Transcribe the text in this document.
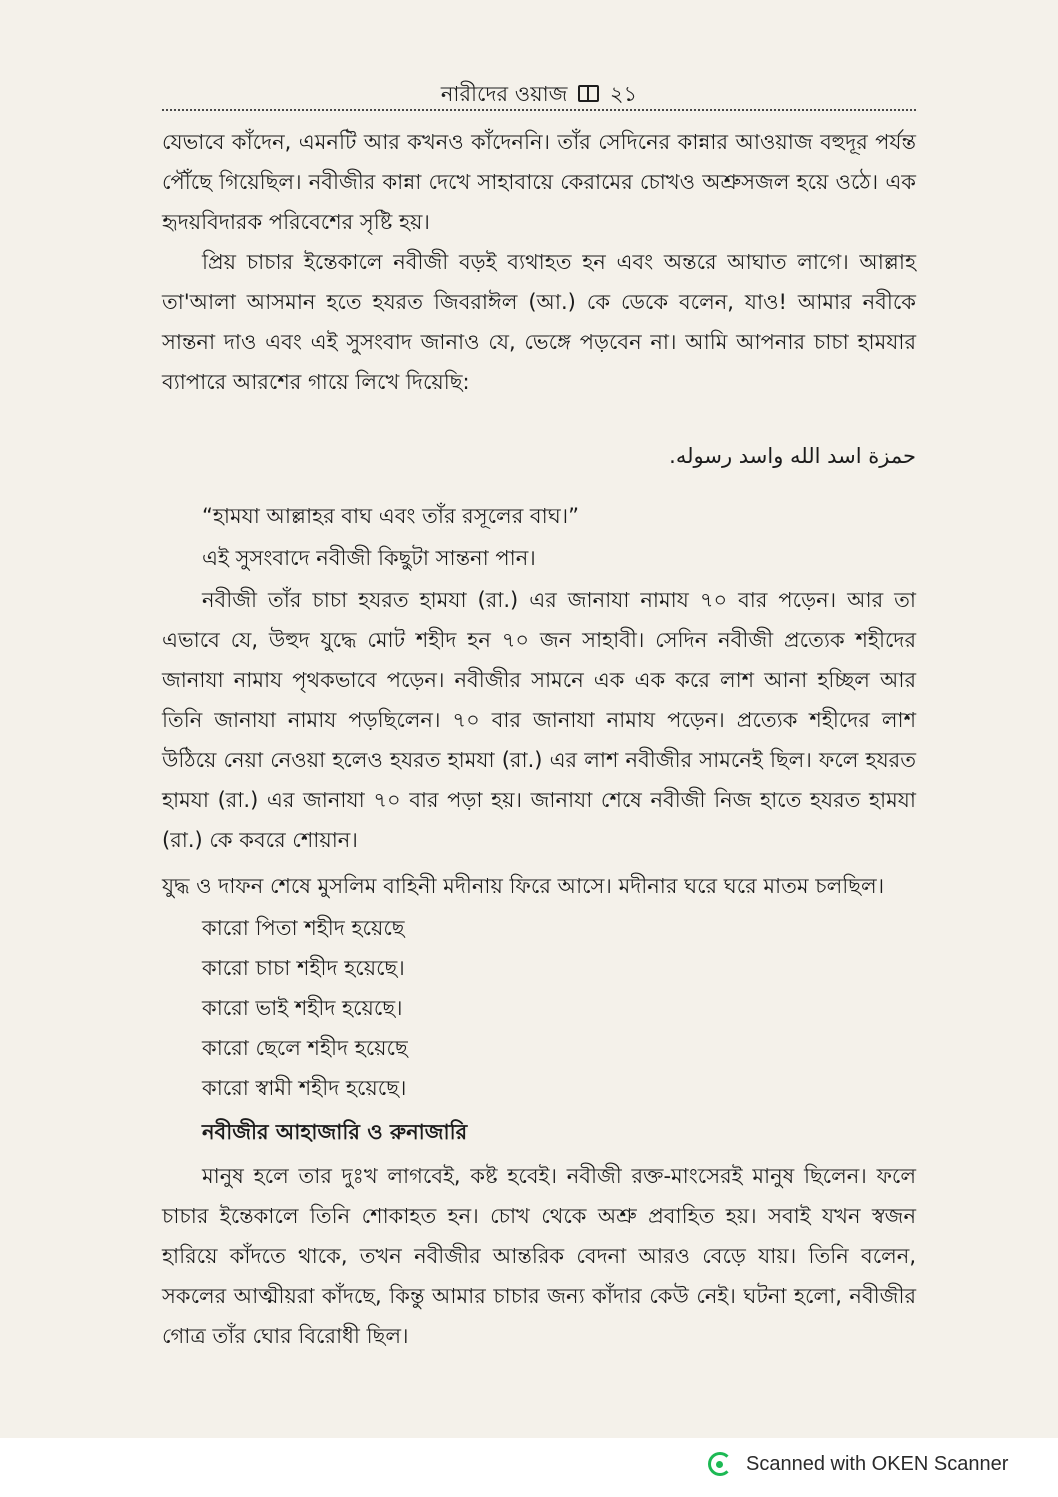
নারীদের ওয়াজ ২১

যেভাবে কাঁদেন, এমনটি আর কখনও কাঁদেননি। তাঁর সেদিনের কান্নার আওয়াজ বহুদূর পর্যন্ত পৌঁছে গিয়েছিল। নবীজীর কান্না দেখে সাহাবায়ে কেরামের চোখও অশ্রুসজল হয়ে ওঠে। এক হৃদয়বিদারক পরিবেশের সৃষ্টি হয়।

প্রিয় চাচার ইন্তেকালে নবীজী বড়ই ব্যথাহত হন এবং অন্তরে আঘাত লাগে। আল্লাহ তা'আলা আসমান হতে হযরত জিবরাঈল (আ.) কে ডেকে বলেন, যাও! আমার নবীকে সান্তনা দাও এবং এই সুসংবাদ জানাও যে, ভেঙ্গে পড়বেন না। আমি আপনার চাচা হামযার ব্যাপারে আরশের গায়ে লিখে দিয়েছি:

حمزة اسد الله واسد رسوله.

“হামযা আল্লাহর বাঘ এবং তাঁর রসূলের বাঘ।”

এই সুসংবাদে নবীজী কিছুটা সান্তনা পান।

নবীজী তাঁর চাচা হযরত হামযা (রা.) এর জানাযা নামায ৭০ বার পড়েন। আর তা এভাবে যে, উহুদ যুদ্ধে মোট শহীদ হন ৭০ জন সাহাবী। সেদিন নবীজী প্রত্যেক শহীদের জানাযা নামায পৃথকভাবে পড়েন। নবীজীর সামনে এক এক করে লাশ আনা হচ্ছিল আর তিনি জানাযা নামায পড়ছিলেন। ৭০ বার জানাযা নামায পড়েন। প্রত্যেক শহীদের লাশ উঠিয়ে নেয়া নেওয়া হলেও হযরত হামযা (রা.) এর লাশ নবীজীর সামনেই ছিল। ফলে হযরত হামযা (রা.) এর জানাযা ৭০ বার পড়া হয়। জানাযা শেষে নবীজী নিজ হাতে হযরত হামযা (রা.) কে কবরে শোয়ান।

যুদ্ধ ও দাফন শেষে মুসলিম বাহিনী মদীনায় ফিরে আসে। মদীনার ঘরে ঘরে মাতম চলছিল।

কারো পিতা শহীদ হয়েছে

কারো চাচা শহীদ হয়েছে।

কারো ভাই শহীদ হয়েছে।

কারো ছেলে শহীদ হয়েছে

কারো স্বামী শহীদ হয়েছে।

নবীজীর আহাজারি ও রুনাজারি

মানুষ হলে তার দুঃখ লাগবেই, কষ্ট হবেই। নবীজী রক্ত-মাংসেরই মানুষ ছিলেন। ফলে চাচার ইন্তেকালে তিনি শোকাহত হন। চোখ থেকে অশ্রু প্রবাহিত হয়। সবাই যখন স্বজন হারিয়ে কাঁদতে থাকে, তখন নবীজীর আন্তরিক বেদনা আরও বেড়ে যায়। তিনি বলেন, সকলের আত্মীয়রা কাঁদছে, কিন্তু আমার চাচার জন্য কাঁদার কেউ নেই। ঘটনা হলো, নবীজীর গোত্র তাঁর ঘোর বিরোধী ছিল।

Scanned with OKEN Scanner
